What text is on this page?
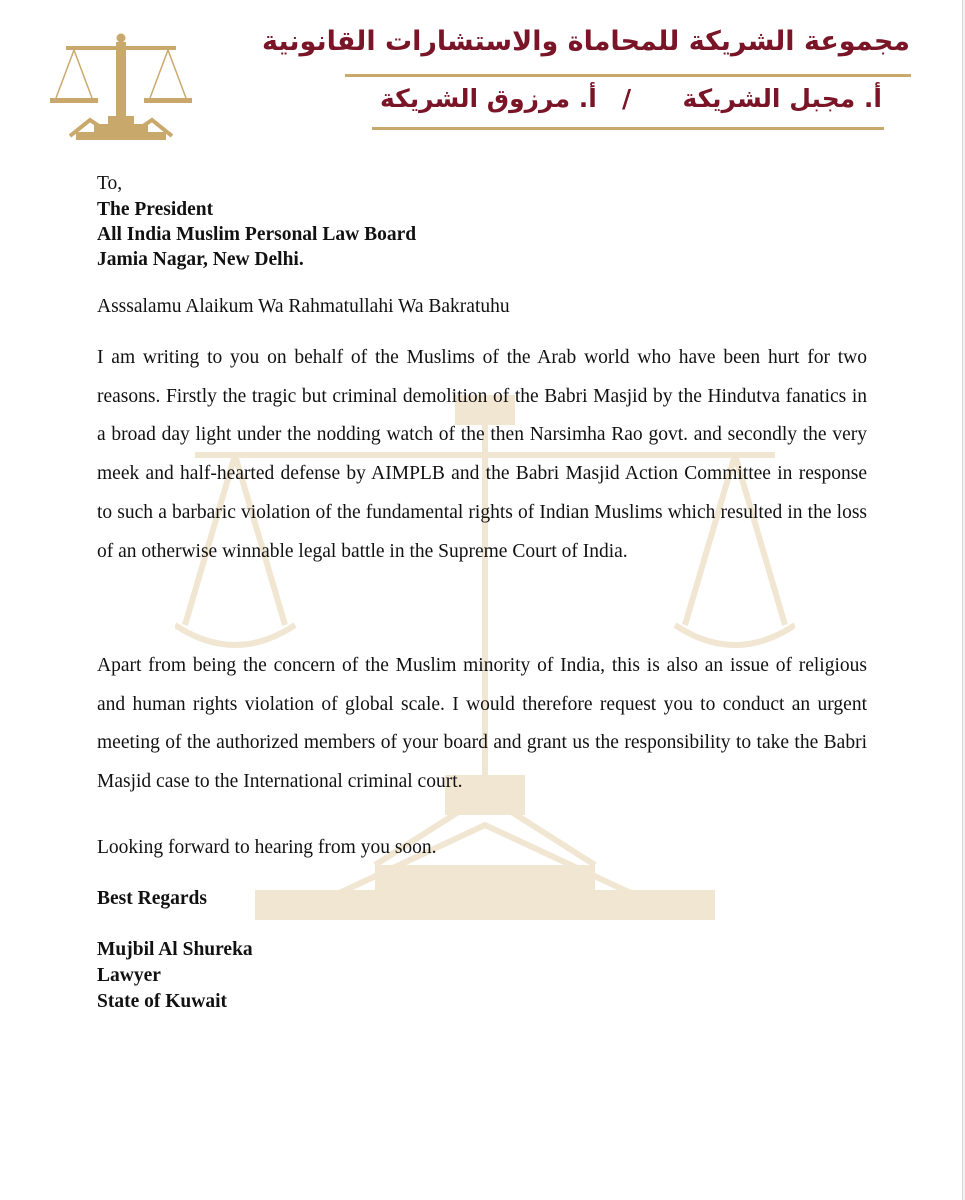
مجموعة الشريكة للمحاماة والاستشارات القانونية
أ. مجبل الشريكة
/
أ. مرزوق الشريكة
To,
The President
All India Muslim Personal Law Board
Jamia Nagar, New Delhi.
Asssalamu Alaikum Wa Rahmatullahi Wa Bakratuhu
I am writing to you on behalf of the Muslims of the Arab world who have been hurt for two reasons. Firstly the tragic but criminal demolition of the Babri Masjid by the Hindutva fanatics in a broad day light under the nodding watch of the then Narsimha Rao govt. and secondly the very meek and half-hearted defense by AIMPLB and the Babri Masjid Action Committee in response to such a barbaric violation of the fundamental rights of Indian Muslims which resulted in the loss of an otherwise winnable legal battle in the Supreme Court of India.
Apart from being the concern of the Muslim minority of India, this is also an issue of religious and human rights violation of global scale. I would therefore request you to conduct an urgent meeting of the authorized members of your board and grant us the responsibility to take the Babri Masjid case to the International criminal court.
Looking forward to hearing from you soon.
Best Regards
Mujbil Al Shureka
Lawyer
State of Kuwait
